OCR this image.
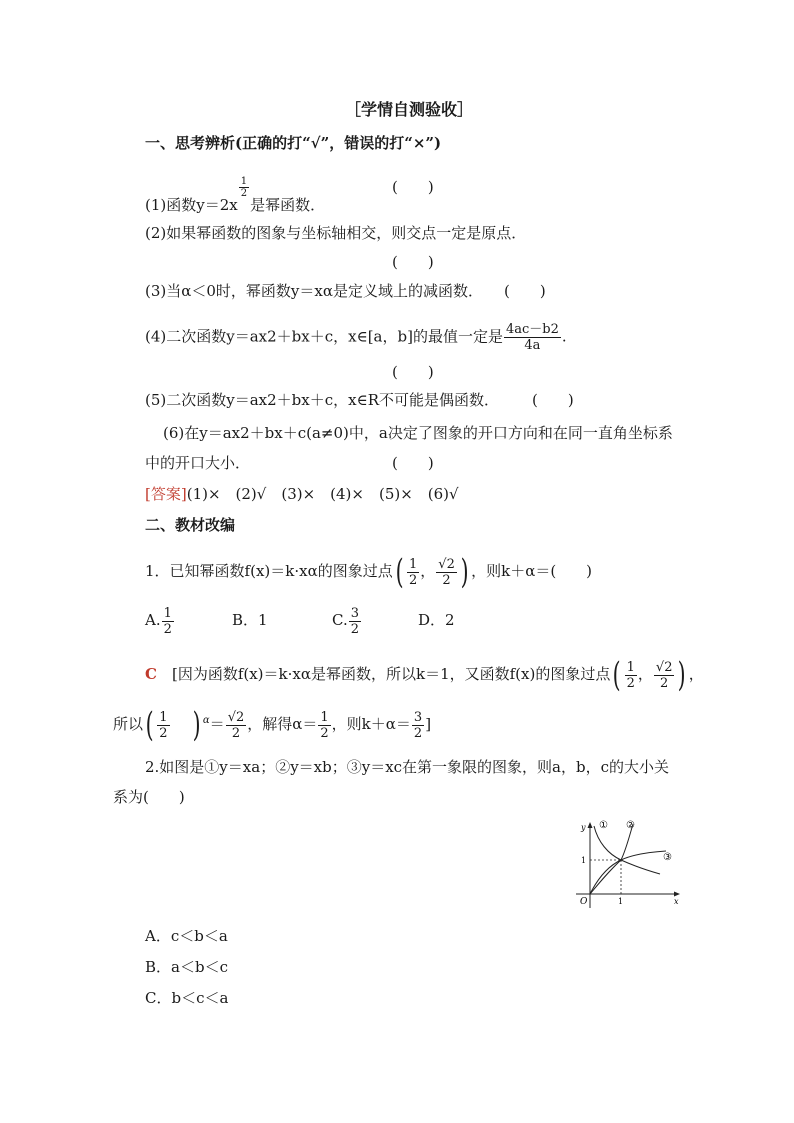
［学情自测验收］
一、思考辨析(正确的打“√”，错误的打“×”)
(1)函数y＝2x
$\frac{1}{2}$
是幂函数．
(　　)
(2)如果幂函数的图象与坐标轴相交，则交点一定是原点．
(　　)
(3)当α＜0时，幂函数y＝xα是定义域上的减函数． (　　)
(4)二次函数y＝ax2＋bx＋c，x∈[a，b]的最值一定是 $\frac{4ac-b2}{4a}$ .
(　　)
(5)二次函数y＝ax2＋bx＋c，x∈R不可能是偶函数． (　　)
(6)在y＝ax2＋bx＋c(a≠0)中，a决定了图象的开口方向和在同一直角坐标系
中的开口大小．	(　　)
[答案](1)×　(2)√　(3)×　(4)×　(5)×　(6)√
二、教材改编
1．已知幂函数f(x)＝k·xα的图象过点( $\frac{1}{2}$ ， $\frac{√2}{2}$ ) ，则k＋α＝(　　)
A. $\frac{1}{2}$	B．1	C. $\frac{3}{2}$	D．2
C　 [因为函数f(x)＝k·xα是幂函数，所以k＝1，又函数f(x)的图象过点( $\frac{1}{2}$ ， $\frac{√2}{2}$ ) ，
所以( $\frac{1}{2}$ ) $^\alpha= \frac{√2}{2}$ ，解得$\alpha= \frac{1}{2}$ ，则$k+\alpha= \frac{3}{2}$ ]
2.如图是①y＝xa；②y＝xb；③y＝xc在第一象限的图象，则a，b，c的大小关
系为(　　)
y
x
O	1
1
① ②
③
A．c＜b＜a
B．a＜b＜c
C．b＜c＜a
